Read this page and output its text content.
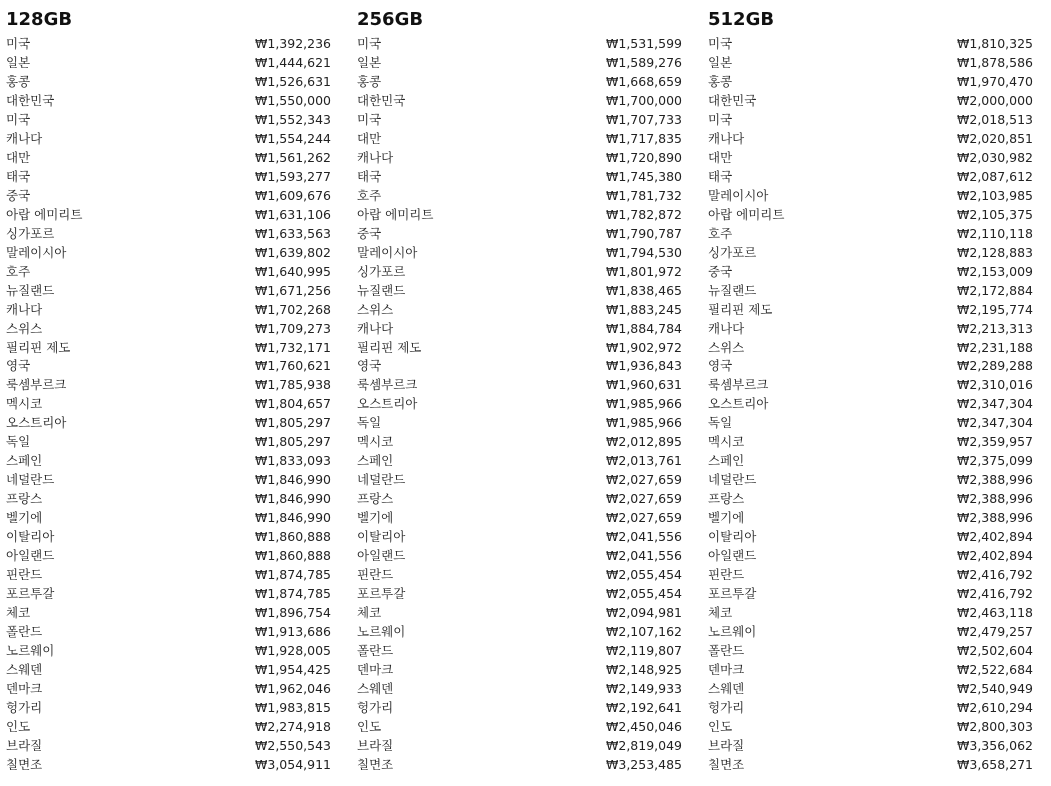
128GB
미국	₩1,392,236
일본	₩1,444,621
홍콩	₩1,526,631
대한민국	₩1,550,000
미국	₩1,552,343
캐나다	₩1,554,244
대만	₩1,561,262
태국	₩1,593,277
중국	₩1,609,676
아랍 에미리트	₩1,631,106
싱가포르	₩1,633,563
말레이시아	₩1,639,802
호주	₩1,640,995
뉴질랜드	₩1,671,256
캐나다	₩1,702,268
스위스	₩1,709,273
필리핀 제도	₩1,732,171
영국	₩1,760,621
룩셈부르크	₩1,785,938
멕시코	₩1,804,657
오스트리아	₩1,805,297
독일	₩1,805,297
스페인	₩1,833,093
네덜란드	₩1,846,990
프랑스	₩1,846,990
벨기에	₩1,846,990
이탈리아	₩1,860,888
아일랜드	₩1,860,888
핀란드	₩1,874,785
포르투갈	₩1,874,785
체코	₩1,896,754
폴란드	₩1,913,686
노르웨이	₩1,928,005
스웨덴	₩1,954,425
덴마크	₩1,962,046
헝가리	₩1,983,815
인도	₩2,274,918
브라질	₩2,550,543
칠면조	₩3,054,911
256GB
미국	₩1,531,599
일본	₩1,589,276
홍콩	₩1,668,659
대한민국	₩1,700,000
미국	₩1,707,733
대만	₩1,717,835
캐나다	₩1,720,890
태국	₩1,745,380
호주	₩1,781,732
아랍 에미리트	₩1,782,872
중국	₩1,790,787
말레이시아	₩1,794,530
싱가포르	₩1,801,972
뉴질랜드	₩1,838,465
스위스	₩1,883,245
캐나다	₩1,884,784
필리핀 제도	₩1,902,972
영국	₩1,936,843
룩셈부르크	₩1,960,631
오스트리아	₩1,985,966
독일	₩1,985,966
멕시코	₩2,012,895
스페인	₩2,013,761
네덜란드	₩2,027,659
프랑스	₩2,027,659
벨기에	₩2,027,659
이탈리아	₩2,041,556
아일랜드	₩2,041,556
핀란드	₩2,055,454
포르투갈	₩2,055,454
체코	₩2,094,981
노르웨이	₩2,107,162
폴란드	₩2,119,807
덴마크	₩2,148,925
스웨덴	₩2,149,933
헝가리	₩2,192,641
인도	₩2,450,046
브라질	₩2,819,049
칠면조	₩3,253,485
512GB
미국	₩1,810,325
일본	₩1,878,586
홍콩	₩1,970,470
대한민국	₩2,000,000
미국	₩2,018,513
캐나다	₩2,020,851
대만	₩2,030,982
태국	₩2,087,612
말레이시아	₩2,103,985
아랍 에미리트	₩2,105,375
호주	₩2,110,118
싱가포르	₩2,128,883
중국	₩2,153,009
뉴질랜드	₩2,172,884
필리핀 제도	₩2,195,774
캐나다	₩2,213,313
스위스	₩2,231,188
영국	₩2,289,288
룩셈부르크	₩2,310,016
오스트리아	₩2,347,304
독일	₩2,347,304
멕시코	₩2,359,957
스페인	₩2,375,099
네덜란드	₩2,388,996
프랑스	₩2,388,996
벨기에	₩2,388,996
이탈리아	₩2,402,894
아일랜드	₩2,402,894
핀란드	₩2,416,792
포르투갈	₩2,416,792
체코	₩2,463,118
노르웨이	₩2,479,257
폴란드	₩2,502,604
덴마크	₩2,522,684
스웨덴	₩2,540,949
헝가리	₩2,610,294
인도	₩2,800,303
브라질	₩3,356,062
칠면조	₩3,658,271
